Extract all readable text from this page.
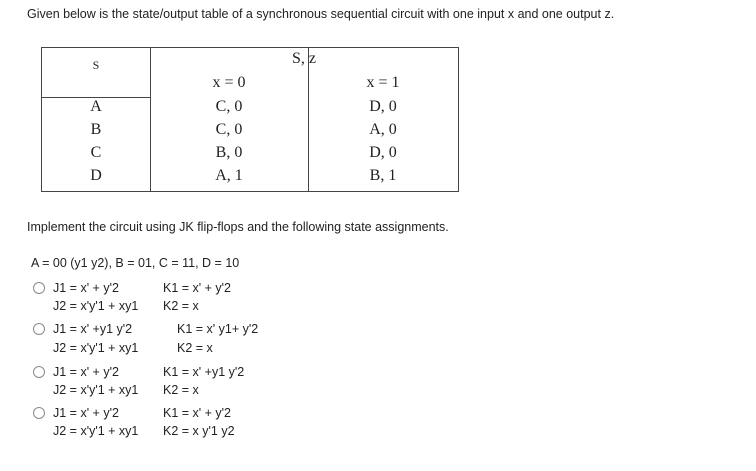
Given below is the state/output table of a synchronous sequential circuit with one input x and one output z.
S	S, z
x = 0	x = 1
A	C, 0	D, 0
B	C, 0	A, 0
C	B, 0	D, 0
D	A, 1	B, 1
Implement the circuit using JK flip-flops and the following state assignments.
A = 00 (y1 y2), B = 01, C = 11, D = 10
J1 = x' + y'2	K1 = x' + y'2
J2 = x'y'1 + xy1 K2 = x
J1 = x' +y1 y'2	K1 = x' y1+ y'2
J2 = x'y'1 + xy1	K2 = x
J1 = x' + y'2	K1 = x' +y1 y'2
J2 = x'y'1 + xy1 K2 = x
J1 = x' + y'2	K1 = x' + y'2
J2 = x'y'1 + xy1 K2 = x y'1 y2
